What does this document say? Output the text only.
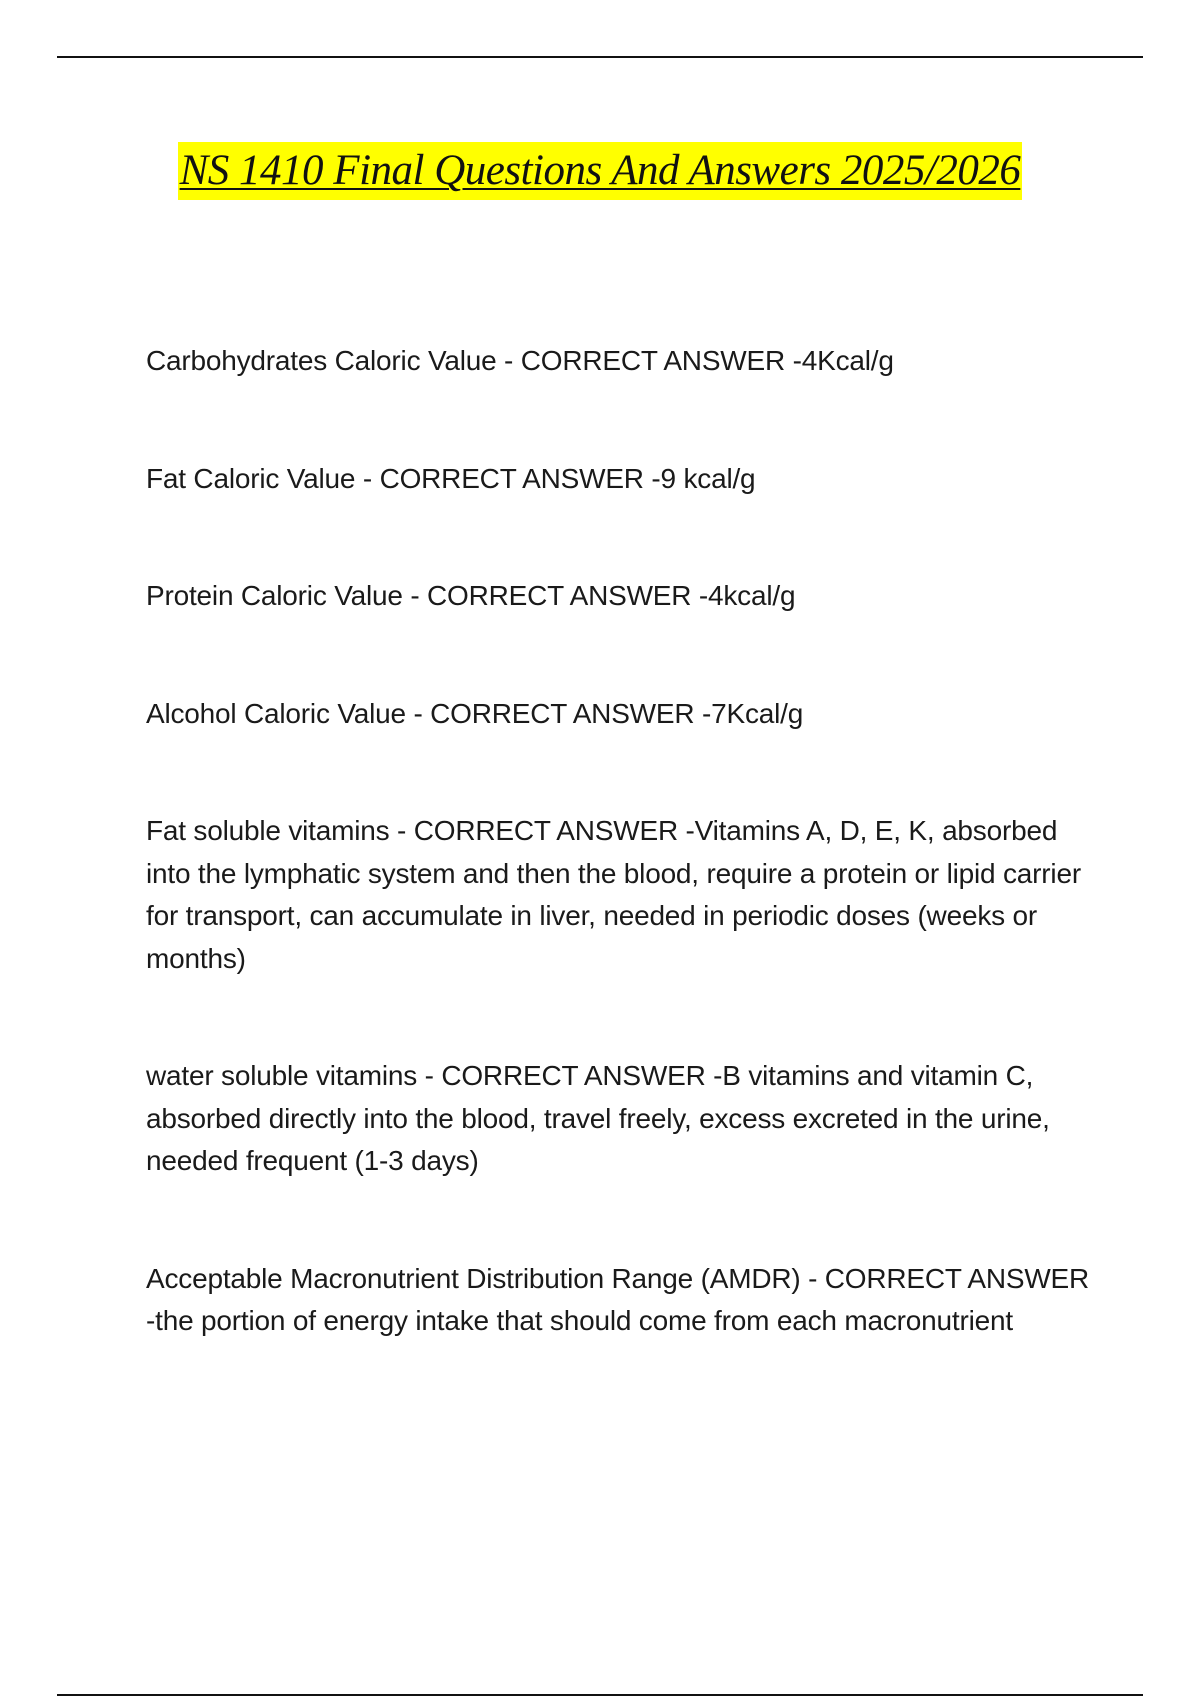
NS 1410 Final Questions And Answers 2025/2026

Carbohydrates Caloric Value - CORRECT ANSWER -4Kcal/g

Fat Caloric Value - CORRECT ANSWER -9 kcal/g

Protein Caloric Value - CORRECT ANSWER -4kcal/g

Alcohol Caloric Value - CORRECT ANSWER -7Kcal/g

Fat soluble vitamins - CORRECT ANSWER -Vitamins A, D, E, K, absorbed into the lymphatic system and then the blood, require a protein or lipid carrier for transport, can accumulate in liver, needed in periodic doses (weeks or months)

water soluble vitamins - CORRECT ANSWER -B vitamins and vitamin C, absorbed directly into the blood, travel freely, excess excreted in the urine, needed frequent (1-3 days)

Acceptable Macronutrient Distribution Range (AMDR) - CORRECT ANSWER -the portion of energy intake that should come from each macronutrient
